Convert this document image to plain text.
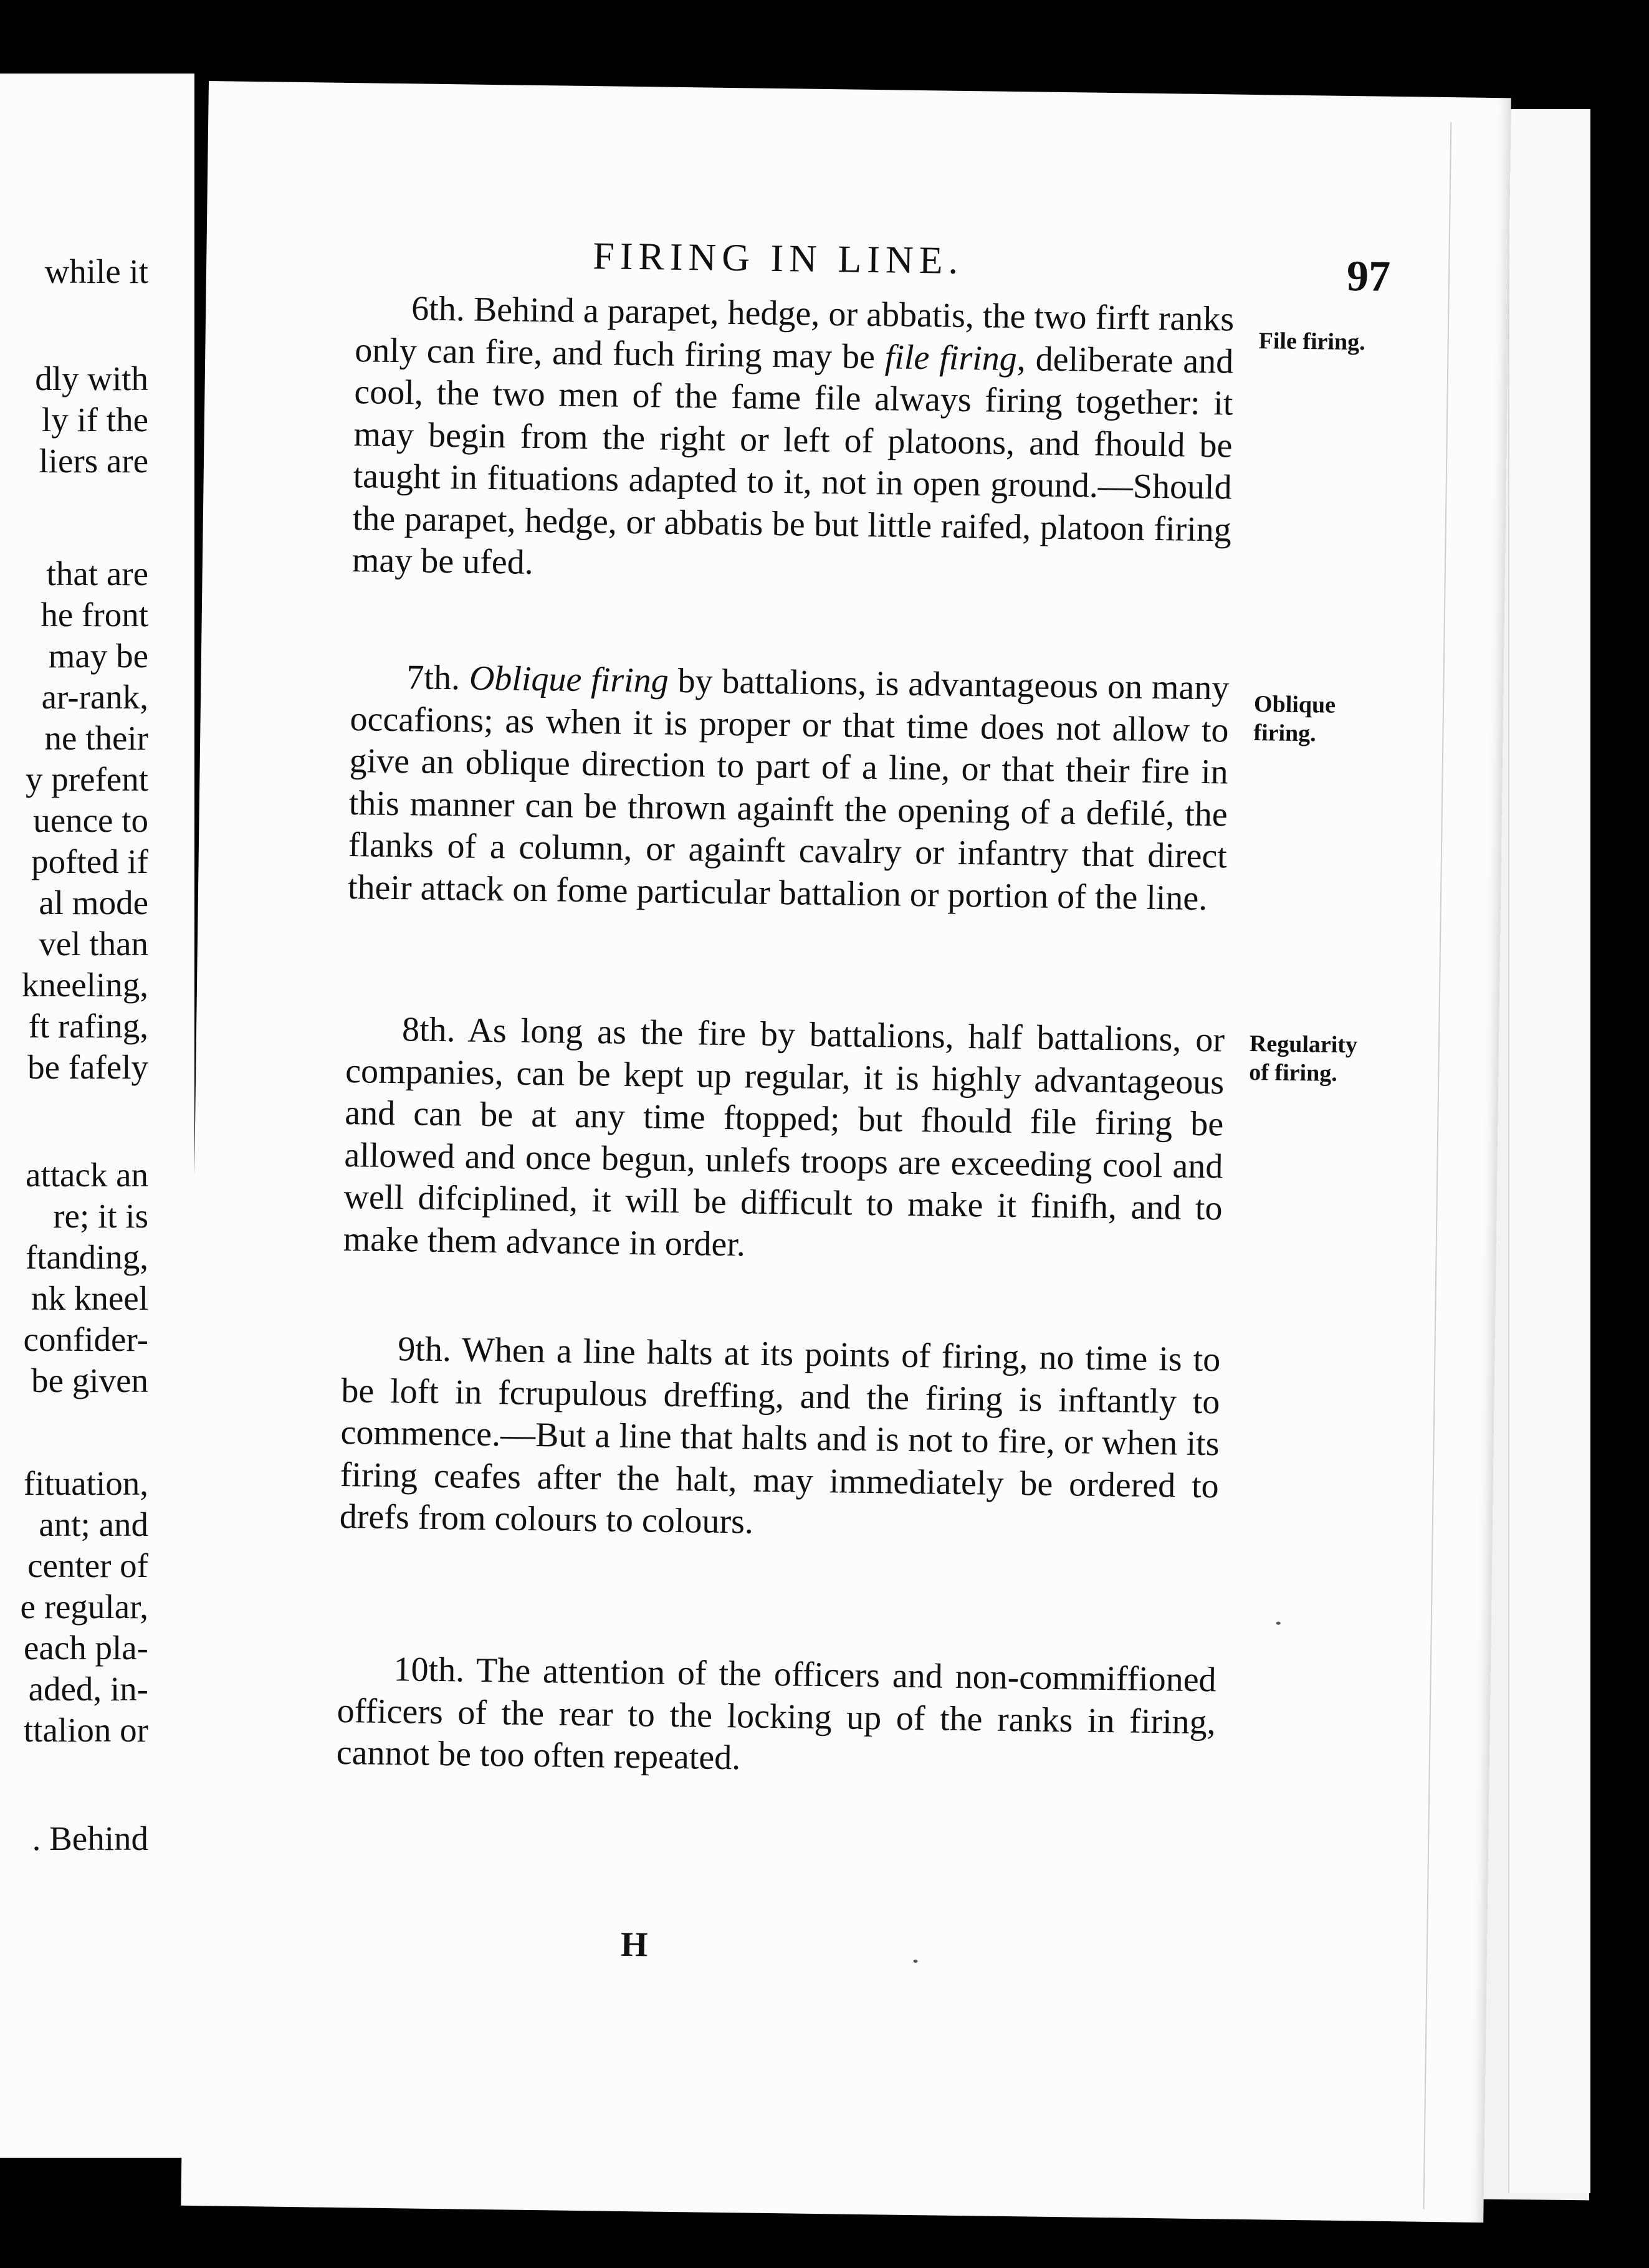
while it
dly with
ly if the
liers are
that are
he front
may be
ar-rank,
ne their
y prefent
uence to
pofted if
al mode
vel than
kneeling,
ft rafing,
be fafely
attack an
re; it is
ftanding,
nk kneel
confider-
be given
fituation,
ant; and
center of
e regular,
each pla-
aded, in-
ttalion or
. Behind
FIRING IN LINE.	97

6th. Behind a parapet, hedge, or abbatis, the two firft ranks only can fire, and fuch firing may be file firing, deliberate and cool, the two men of the fame file always firing together: it may begin from the right or left of platoons, and fhould be taught in fituations adapted to it, not in open ground.—Should the parapet, hedge, or abbatis be but little raifed, platoon firing may be ufed.

File firing.

7th. Oblique firing by battalions, is advantageous on many occafions; as when it is proper or that time does not allow to give an oblique direction to part of a line, or that their fire in this manner can be thrown againft the opening of a defilé, the flanks of a column, or againft cavalry or infantry that direct their attack on fome particular battalion or portion of the line.

Oblique
firing.

8th. As long as the fire by battalions, half battalions, or companies, can be kept up regular, it is highly advantageous and can be at any time ftopped; but fhould file firing be allowed and once begun, unlefs troops are exceeding cool and well difciplined, it will be difficult to make it finifh, and to make them advance in order.

Regularity
of firing.

9th. When a line halts at its points of firing, no time is to be loft in fcrupulous dreffing, and the firing is inftantly to commence.—But a line that halts and is not to fire, or when its firing ceafes after the halt, may immediately be ordered to drefs from colours to colours.

10th. The attention of the officers and non-commiffioned officers of the rear to the locking up of the ranks in firing, cannot be too often repeated.

H
